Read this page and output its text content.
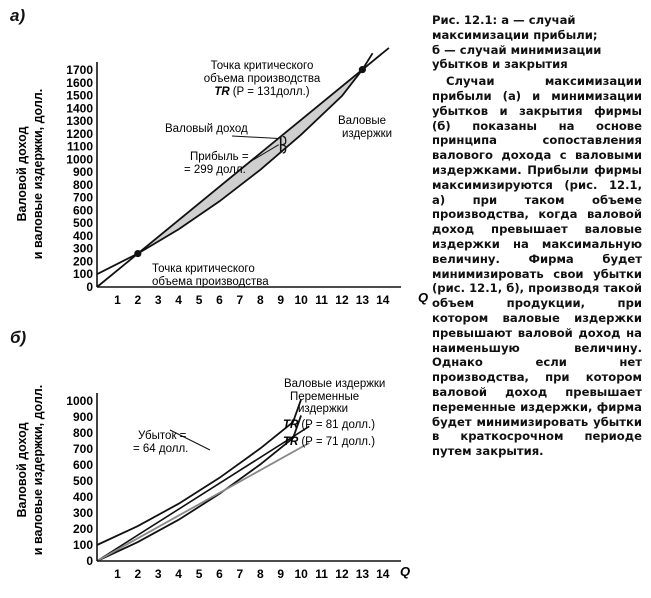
а)
Валовой доход и валовые издержки, долл.
0
100
200
300
400
500
600
700
800
900
1000
1100
1200
1300
1400
1500
1600
1700
1 2 3 4 5 6 7 8 9 10 11 12 13 14 Q
Точка критического
объема производства
TR (P = 131долл.)
Валовый доход
Прибыль =
= 299 долл.
Валовые
издержки
Точка критического
объема производства
б)
Валовой доход и валовые издержки, долл.
0
100
200
300
400
500
600
700
800
900
1000
1 2 3 4 5 6 7 8 9 10 11 12 13 14 Q
Валовые издержки
Переменные
издержки
TR (P = 81 долл.)
TR (P = 71 долл.)
Убыток =
= 64 долл.
Рис. 12.1: а — случай
максимизации прибыли;
б — случай минимизации
убытков и закрытия

Случаи максимизации прибыли (а) и минимизации убытков и закрытия фирмы (б) показаны на основе принципа сопоставления валового дохода с валовыми издержками. Прибыли фирмы максимизируются (рис. 12.1, а) при таком объеме производства, когда валовой доход превышает валовые издержки на максимальную величину. Фирма будет минимизировать свои убытки (рис. 12.1, б), производя такой объем продукции, при котором валовые издержки превышают валовой доход на наименьшую величину. Однако если нет производства, при котором валовой доход превышает переменные издержки, фирма будет минимизировать убытки в краткосрочном периоде путем закрытия.
